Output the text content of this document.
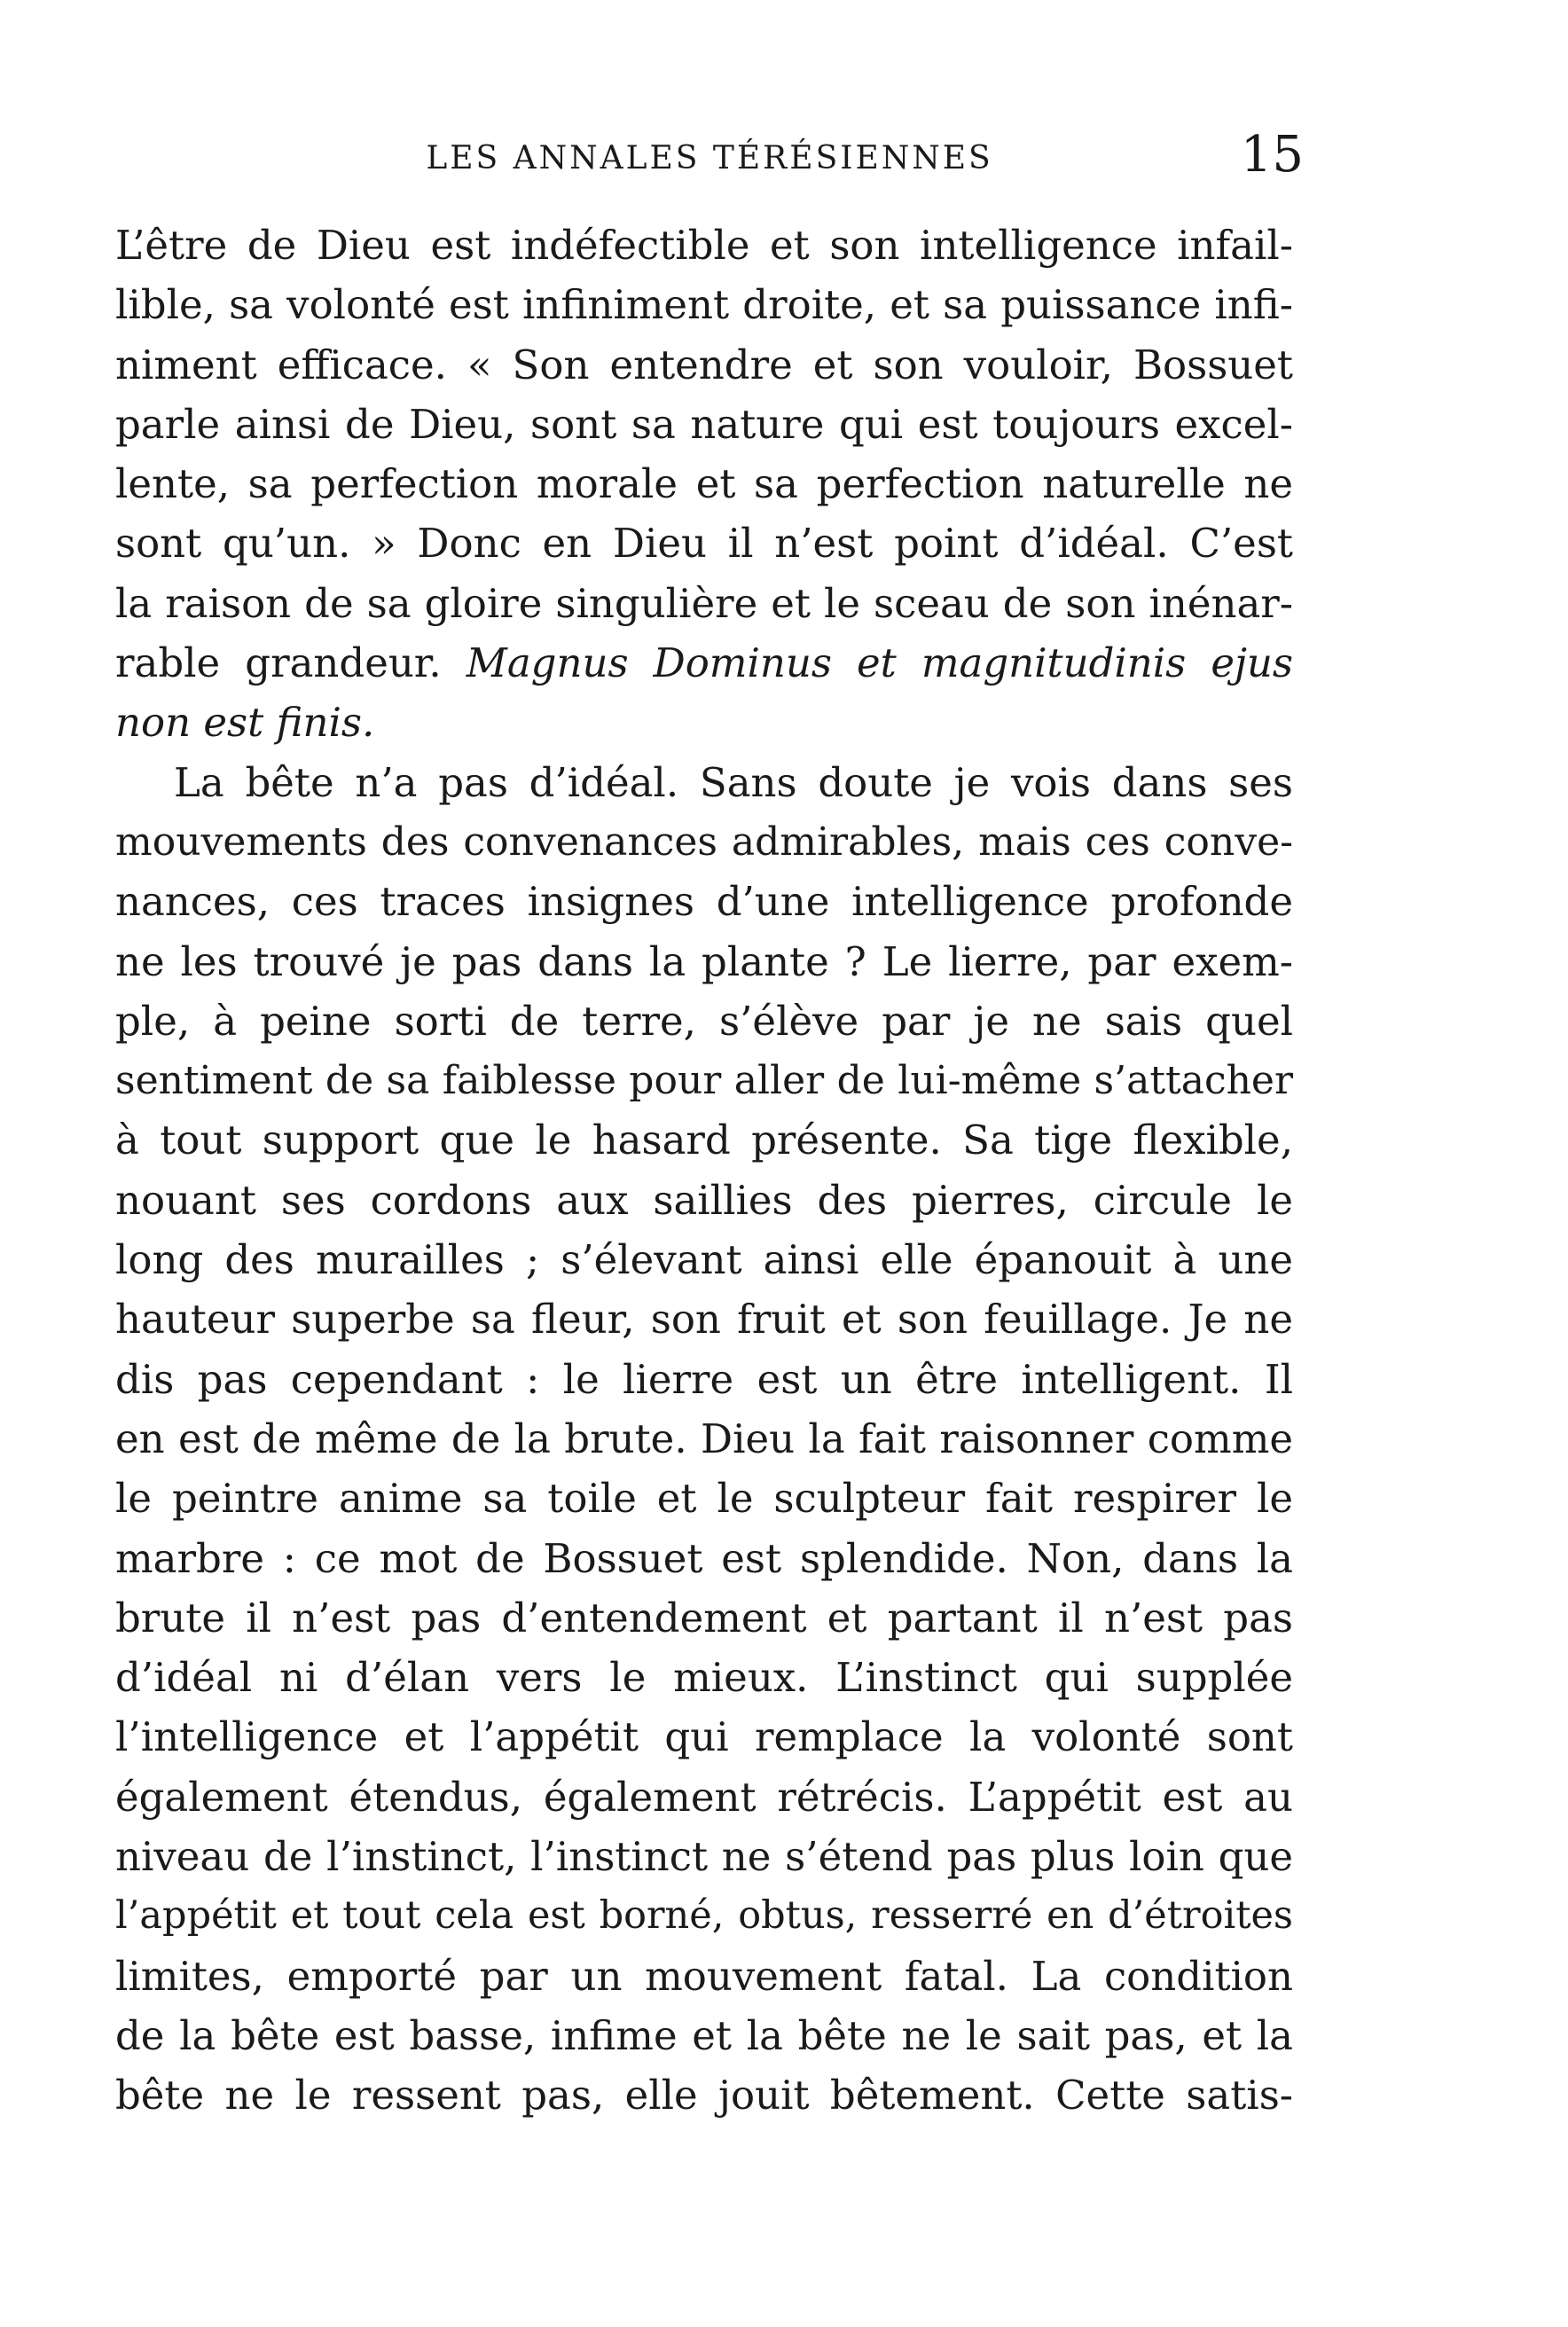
LES ANNALES TÉRÉSIENNES	15
L’être de Dieu est indéfectible et son intelligence infail-
lible, sa volonté est infiniment droite, et sa puissance infi-
niment efficace. « Son entendre et son vouloir, Bossuet
parle ainsi de Dieu, sont sa nature qui est toujours excel-
lente, sa perfection morale et sa perfection naturelle ne
sont qu’un. » Donc en Dieu il n’est point d’idéal. C’est
la raison de sa gloire singulière et le sceau de son inénar-
rable grandeur. Magnus Dominus et magnitudinis ejus
non est finis.
La bête n’a pas d’idéal. Sans doute je vois dans ses
mouvements des convenances admirables, mais ces conve-
nances, ces traces insignes d’une intelligence profonde
ne les trouvé je pas dans la plante ? Le lierre, par exem-
ple, à peine sorti de terre, s’élève par je ne sais quel
sentiment de sa faiblesse pour aller de lui-même s’attacher
à tout support que le hasard présente. Sa tige flexible,
nouant ses cordons aux saillies des pierres, circule le
long des murailles ; s’élevant ainsi elle épanouit à une
hauteur superbe sa fleur, son fruit et son feuillage. Je ne
dis pas cependant : le lierre est un être intelligent. Il
en est de même de la brute. Dieu la fait raisonner comme
le peintre anime sa toile et le sculpteur fait respirer le
marbre : ce mot de Bossuet est splendide. Non, dans la
brute il n’est pas d’entendement et partant il n’est pas
d’idéal ni d’élan vers le mieux. L’instinct qui supplée
l’intelligence et l’appétit qui remplace la volonté sont
également étendus, également rétrécis. L’appétit est au
niveau de l’instinct, l’instinct ne s’étend pas plus loin que
l’appétit et tout cela est borné, obtus, resserré en d’étroites
limites, emporté par un mouvement fatal. La condition
de la bête est basse, infime et la bête ne le sait pas, et la
bête ne le ressent pas, elle jouit bêtement. Cette satis-
